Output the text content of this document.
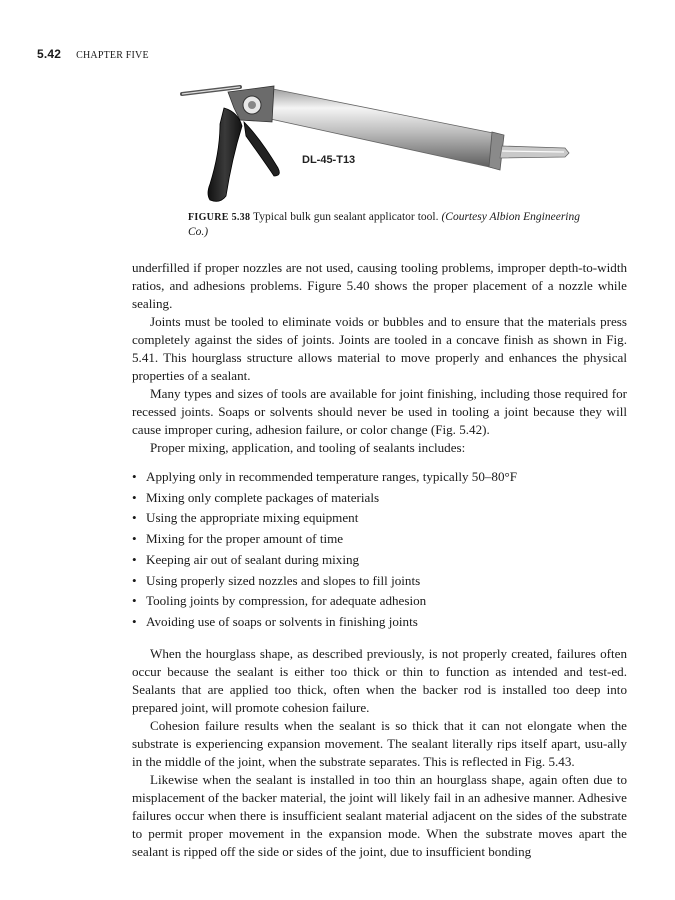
5.42 CHAPTER FIVE
DL-45-T13
FIGURE 5.38 Typical bulk gun sealant applicator tool. (Courtesy Albion Engineering Co.)

underfilled if proper nozzles are not used, causing tooling problems, improper depth-to-width ratios, and adhesions problems. Figure 5.40 shows the proper placement of a nozzle while sealing.

Joints must be tooled to eliminate voids or bubbles and to ensure that the materials press completely against the sides of joints. Joints are tooled in a concave finish as shown in Fig. 5.41. This hourglass structure allows material to move properly and enhances the physical properties of a sealant.

Many types and sizes of tools are available for joint finishing, including those required for recessed joints. Soaps or solvents should never be used in tooling a joint because they will cause improper curing, adhesion failure, or color change (Fig. 5.42).

Proper mixing, application, and tooling of sealants includes:

• Applying only in recommended temperature ranges, typically 50–80°F
• Mixing only complete packages of materials
• Using the appropriate mixing equipment
• Mixing for the proper amount of time
• Keeping air out of sealant during mixing
• Using properly sized nozzles and slopes to fill joints
• Tooling joints by compression, for adequate adhesion
• Avoiding use of soaps or solvents in finishing joints

When the hourglass shape, as described previously, is not properly created, failures often occur because the sealant is either too thick or thin to function as intended and test-ed. Sealants that are applied too thick, often when the backer rod is installed too deep into prepared joint, will promote cohesion failure.

Cohesion failure results when the sealant is so thick that it can not elongate when the substrate is experiencing expansion movement. The sealant literally rips itself apart, usu-ally in the middle of the joint, when the substrate separates. This is reflected in Fig. 5.43.

Likewise when the sealant is installed in too thin an hourglass shape, again often due to misplacement of the backer material, the joint will likely fail in an adhesive manner. Adhesive failures occur when there is insufficient sealant material adjacent on the sides of the substrate to permit proper movement in the expansion mode. When the substrate moves apart the sealant is ripped off the side or sides of the joint, due to insufficient bonding
